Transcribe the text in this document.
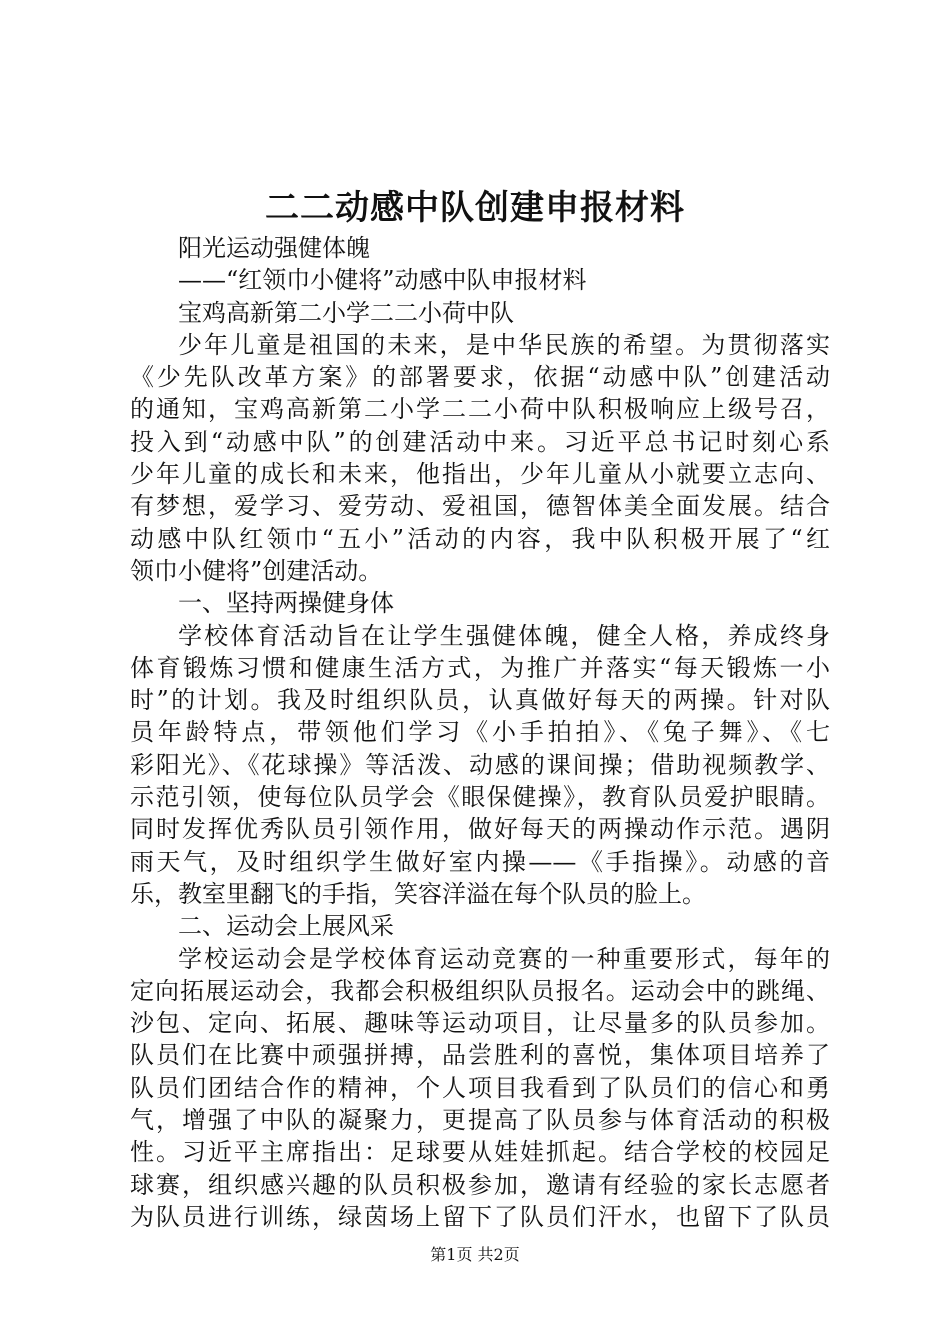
二二动感中队创建申报材料
阳光运动强健体魄
——“红领巾小健将”动感中队申报材料
宝鸡高新第二小学二二小荷中队
少年儿童是祖国的未来，是中华民族的希望。为贯彻落实
《少先队改革方案》的部署要求，依据“动感中队”创建活动
的通知，宝鸡高新第二小学二二小荷中队积极响应上级号召，
投入到“动感中队”的创建活动中来。习近平总书记时刻心系
少年儿童的成长和未来，他指出，少年儿童从小就要立志向、
有梦想，爱学习、爱劳动、爱祖国，德智体美全面发展。结合
动感中队红领巾“五小”活动的内容，我中队积极开展了“红
领巾小健将”创建活动。
一、坚持两操健身体
学校体育活动旨在让学生强健体魄，健全人格，养成终身
体育锻炼习惯和健康生活方式，为推广并落实“每天锻炼一小
时”的计划。我及时组织队员，认真做好每天的两操。针对队
员年龄特点，带领他们学习《小手拍拍》、《兔子舞》、《七
彩阳光》、《花球操》等活泼、动感的课间操；借助视频教学、
示范引领，使每位队员学会《眼保健操》，教育队员爱护眼睛。
同时发挥优秀队员引领作用，做好每天的两操动作示范。遇阴
雨天气，及时组织学生做好室内操——《手指操》。动感的音
乐，教室里翻飞的手指，笑容洋溢在每个队员的脸上。
二、运动会上展风采
学校运动会是学校体育运动竞赛的一种重要形式，每年的
定向拓展运动会，我都会积极组织队员报名。运动会中的跳绳、
沙包、定向、拓展、趣味等运动项目，让尽量多的队员参加。
队员们在比赛中顽强拼搏，品尝胜利的喜悦，集体项目培养了
队员们团结合作的精神，个人项目我看到了队员们的信心和勇
气，增强了中队的凝聚力，更提高了队员参与体育活动的积极
性。习近平主席指出：足球要从娃娃抓起。结合学校的校园足
球赛，组织感兴趣的队员积极参加，邀请有经验的家长志愿者
为队员进行训练，绿茵场上留下了队员们汗水，也留下了队员
第1页 共2页
